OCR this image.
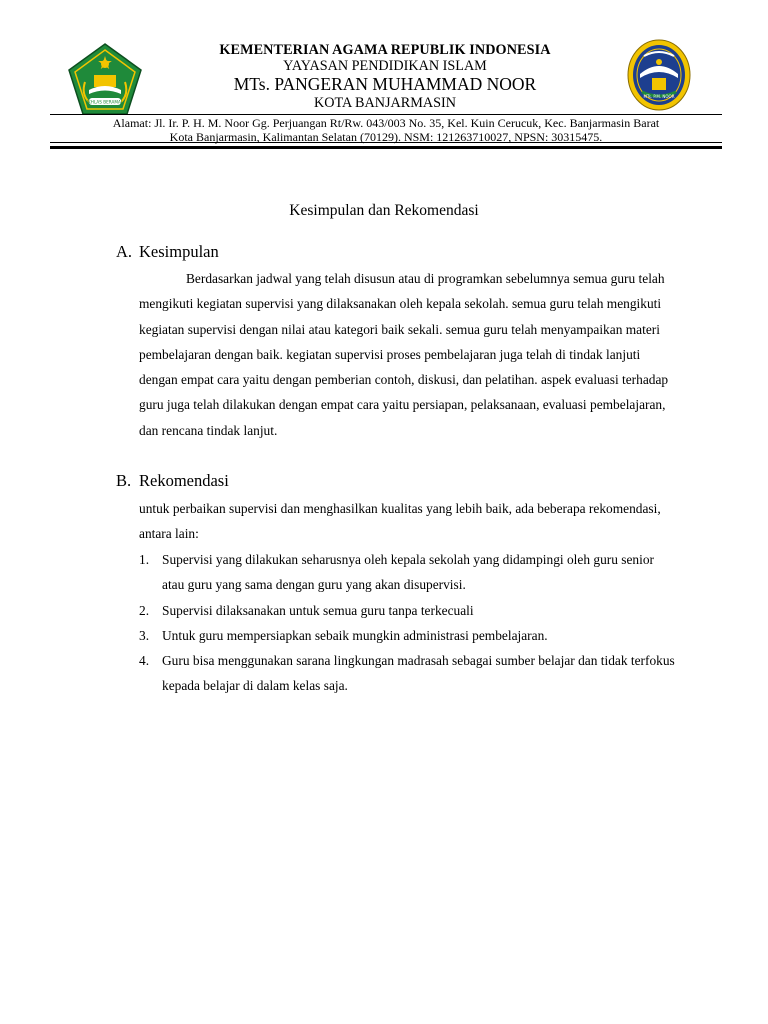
IKHLAS BERAMAL
KEMENTERIAN AGAMA REPUBLIK INDONESIA
YAYASAN PENDIDIKAN ISLAM
MTs. PANGERAN MUHAMMAD NOOR
KOTA BANJARMASIN	MTs. P.M. NOOR
Alamat: Jl. Ir. P. H. M. Noor Gg. Perjuangan Rt/Rw. 043/003 No. 35, Kel. Kuin Cerucuk, Kec. Banjarmasin Barat
Kota Banjarmasin, Kalimantan Selatan (70129). NSM: 121263710027, NPSN: 30315475.
Kesimpulan dan Rekomendasi
A. Kesimpulan
Berdasarkan jadwal yang telah disusun atau di programkan sebelumnya semua guru telah mengikuti kegiatan supervisi yang dilaksanakan oleh kepala sekolah. semua guru telah mengikuti kegiatan supervisi dengan nilai atau kategori baik sekali. semua guru telah menyampaikan materi pembelajaran dengan baik. kegiatan supervisi proses pembelajaran juga telah di tindak lanjuti dengan empat cara yaitu dengan pemberian contoh, diskusi, dan pelatihan. aspek evaluasi terhadap guru juga telah dilakukan dengan empat cara yaitu persiapan, pelaksanaan, evaluasi pembelajaran, dan rencana tindak lanjut.
B. Rekomendasi
untuk perbaikan supervisi dan menghasilkan kualitas yang lebih baik, ada beberapa rekomendasi, antara lain:
1. Supervisi yang dilakukan seharusnya oleh kepala sekolah yang didampingi oleh guru senior atau guru yang sama dengan guru yang akan disupervisi.
2. Supervisi dilaksanakan untuk semua guru tanpa terkecuali
3. Untuk guru mempersiapkan sebaik mungkin administrasi pembelajaran.
4. Guru bisa menggunakan sarana lingkungan madrasah sebagai sumber belajar dan tidak terfokus kepada belajar di dalam kelas saja.
